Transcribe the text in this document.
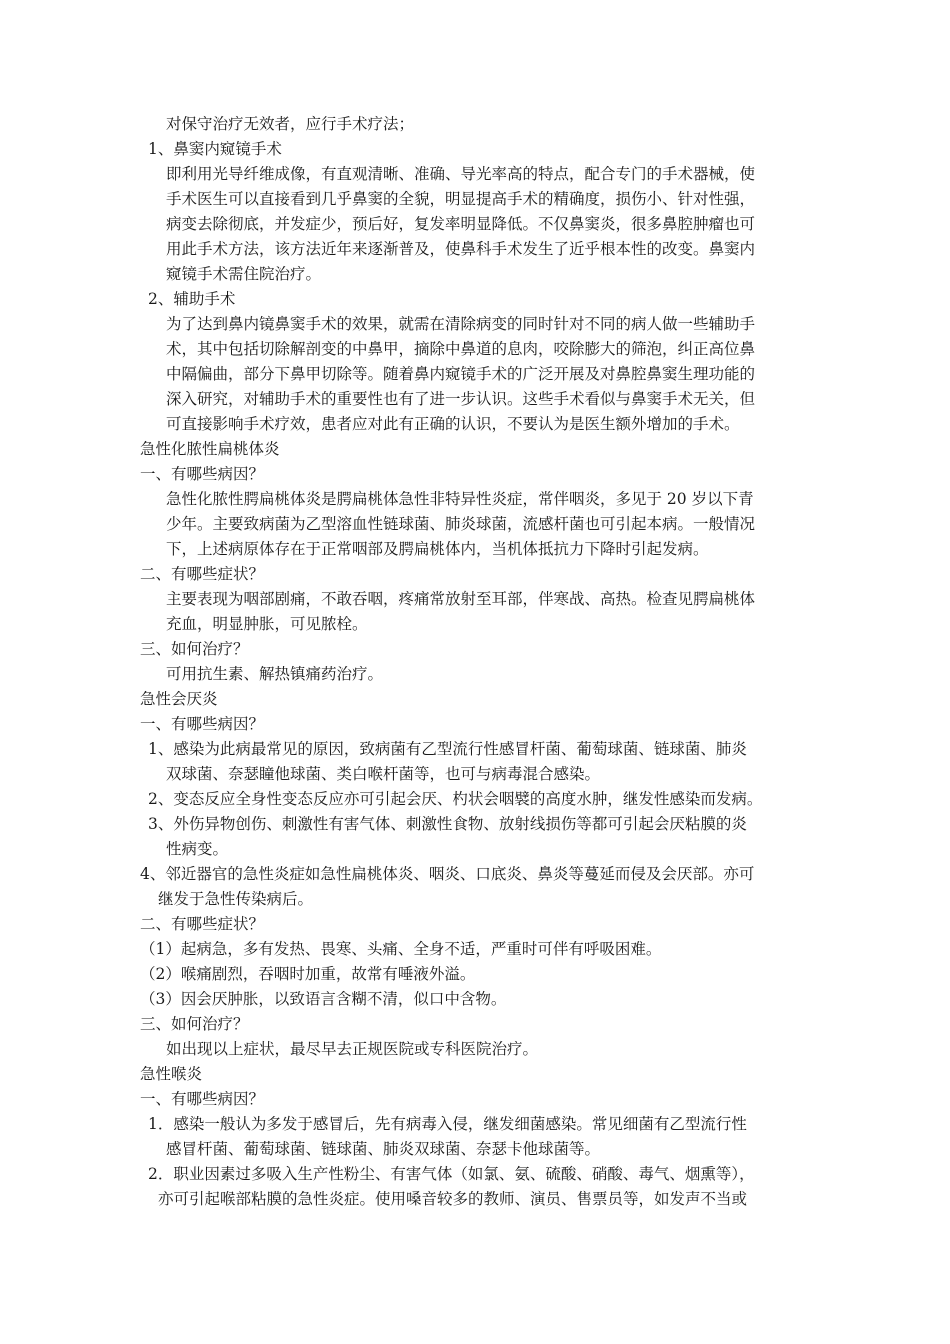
对保守治疗无效者，应行手术疗法；
1、鼻窦内窥镜手术
即利用光导纤维成像，有直观清晰、准确、导光率高的特点，配合专门的手术器械，使
手术医生可以直接看到几乎鼻窦的全貌，明显提高手术的精确度，损伤小、针对性强，
病变去除彻底，并发症少，预后好，复发率明显降低。不仅鼻窦炎，很多鼻腔肿瘤也可
用此手术方法，该方法近年来逐渐普及，使鼻科手术发生了近乎根本性的改变。鼻窦内
窥镜手术需住院治疗。
2、辅助手术
为了达到鼻内镜鼻窦手术的效果，就需在清除病变的同时针对不同的病人做一些辅助手
术，其中包括切除解剖变的中鼻甲，摘除中鼻道的息肉，咬除膨大的筛泡，纠正高位鼻
中隔偏曲，部分下鼻甲切除等。随着鼻内窥镜手术的广泛开展及对鼻腔鼻窦生理功能的
深入研究，对辅助手术的重要性也有了进一步认识。这些手术看似与鼻窦手术无关，但
可直接影响手术疗效，患者应对此有正确的认识，不要认为是医生额外增加的手术。
急性化脓性扁桃体炎
一、有哪些病因？
急性化脓性腭扁桃体炎是腭扁桃体急性非特异性炎症，常伴咽炎，多见于 20 岁以下青
少年。主要致病菌为乙型溶血性链球菌、肺炎球菌，流感杆菌也可引起本病。一般情况
下，上述病原体存在于正常咽部及腭扁桃体内，当机体抵抗力下降时引起发病。
二、有哪些症状？
主要表现为咽部剧痛，不敢吞咽，疼痛常放射至耳部，伴寒战、高热。检查见腭扁桃体
充血，明显肿胀，可见脓栓。
三、如何治疗？
可用抗生素、解热镇痛药治疗。
急性会厌炎
一、有哪些病因？
1、感染为此病最常见的原因，致病菌有乙型流行性感冒杆菌、葡萄球菌、链球菌、肺炎
双球菌、奈瑟瞳他球菌、类白喉杆菌等，也可与病毒混合感染。
2、变态反应全身性变态反应亦可引起会厌、杓状会咽襞的高度水肿，继发性感染而发病。
3、外伤异物创伤、刺激性有害气体、刺激性食物、放射线损伤等都可引起会厌粘膜的炎
性病变。
4、邻近器官的急性炎症如急性扁桃体炎、咽炎、口底炎、鼻炎等蔓延而侵及会厌部。亦可
继发于急性传染病后。
二、有哪些症状？
（1）起病急，多有发热、畏寒、头痛、全身不适，严重时可伴有呼吸困难。
（2）喉痛剧烈，吞咽时加重，故常有唾液外溢。
（3）因会厌肿胀，以致语言含糊不清，似口中含物。
三、如何治疗？
如出现以上症状，最尽早去正规医院或专科医院治疗。
急性喉炎
一、有哪些病因？
1．感染一般认为多发于感冒后，先有病毒入侵，继发细菌感染。常见细菌有乙型流行性
感冒杆菌、葡萄球菌、链球菌、肺炎双球菌、奈瑟卡他球菌等。
2．职业因素过多吸入生产性粉尘、有害气体（如氯、氨、硫酸、硝酸、毒气、烟熏等），
亦可引起喉部粘膜的急性炎症。使用嗓音较多的教师、演员、售票员等，如发声不当或
